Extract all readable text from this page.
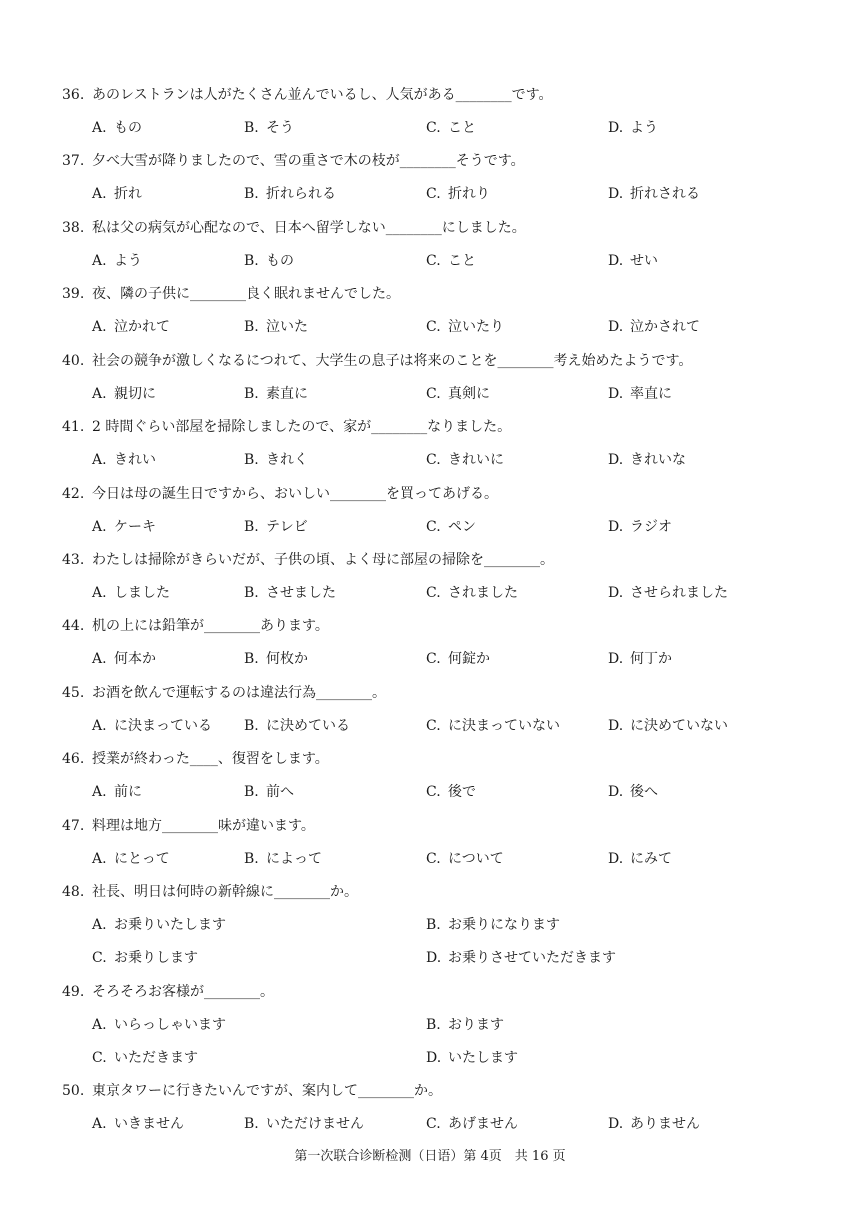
36. あのレストランは人がたくさん並んでいるし、人気がある________です。
A. もの	B. そう	C. こと	D. よう
37. 夕べ大雪が降りましたので、雪の重さで木の枝が________そうです。
A. 折れ	B. 折れられる	C. 折れり	D. 折れされる
38. 私は父の病気が心配なので、日本へ留学しない________にしました。
A. よう	B. もの	C. こと	D. せい
39. 夜、隣の子供に________良く眠れませんでした。
A. 泣かれて	B. 泣いた	C. 泣いたり	D. 泣かされて
40. 社会の競争が激しくなるにつれて、大学生の息子は将来のことを________考え始めたようです。
A. 親切に	B. 素直に	C. 真剣に	D. 率直に
41. 2 時間ぐらい部屋を掃除しましたので、家が________なりました。
A. きれい	B. きれく	C. きれいに	D. きれいな
42. 今日は母の誕生日ですから、おいしい________を買ってあげる。
A. ケーキ	B. テレビ	C. ペン	D. ラジオ
43. わたしは掃除がきらいだが、子供の頃、よく母に部屋の掃除を________。
A. しました	B. させました	C. されました	D. させられました
44. 机の上には鉛筆が________あります。
A. 何本か	B. 何枚か	C. 何錠か	D. 何丁か
45. お酒を飲んで運転するのは違法行為________。
A. に決まっている B. に決めている	C. に決まっていない	D. に決めていない
46. 授業が終わった____、復習をします。
A. 前に	B. 前へ	C. 後で	D. 後へ
47. 料理は地方________味が違います。
A. にとって	B. によって	C. について	D. にみて
48. 社長、明日は何時の新幹線に________か。
A. お乗りいたします	B. お乗りになります
C. お乗りします	D. お乗りさせていただきます
49. そろそろお客様が________。
A. いらっしゃいます	B. おります
C. いただきます	D. いたします
50. 東京タワーに行きたいんですが、案内して________か。
A. いきません	B. いただけません	C. あげません	D. ありません
第一次联合诊断检测（日语）第 4页　共 16 页
